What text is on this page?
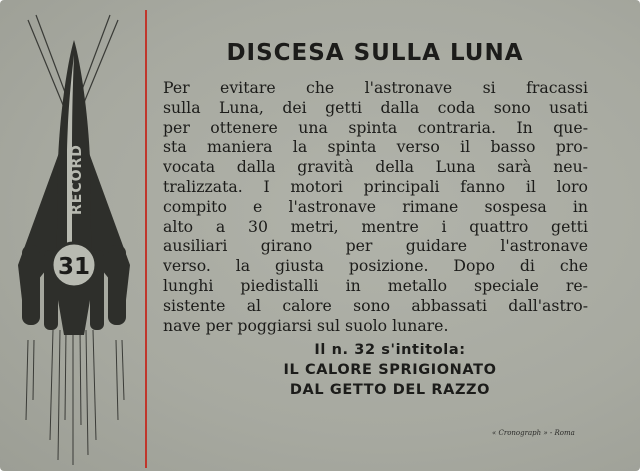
31
RECORD
DISCESA SULLA LUNA
Per evitare che l'astronave si fracassi
sulla Luna, dei getti dalla coda sono usati
per ottenere una spinta contraria. In que-
sta maniera la spinta verso il basso pro-
vocata dalla gravità della Luna sarà neu-
tralizzata. I motori principali fanno il loro
compito e l'astronave rimane sospesa in
alto a 30 metri, mentre i quattro getti
ausiliari girano per guidare l'astronave
verso. la giusta posizione. Dopo di che
lunghi piedistalli in metallo speciale re-
sistente al calore sono abbassati dall'astro-
nave per poggiarsi sul suolo lunare.
Il n. 32 s'intitola:
IL CALORE SPRIGIONATO
DAL GETTO DEL RAZZO
« Cronograph » - Roma
